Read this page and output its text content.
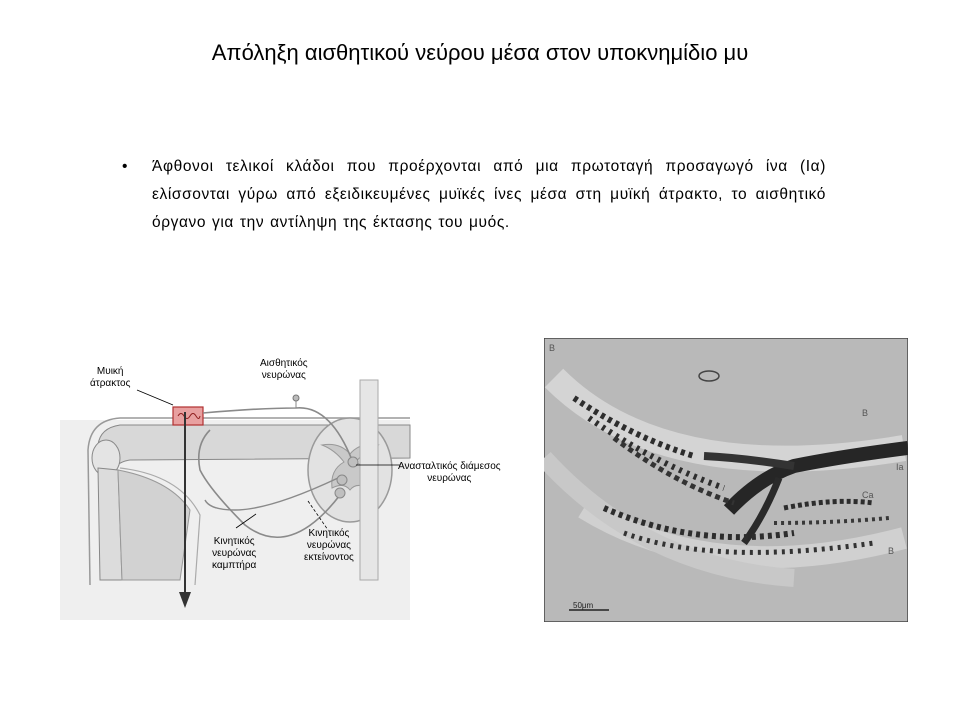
Απόληξη αισθητικού νεύρου μέσα στον υποκνημίδιο μυ
• Άφθονοι τελικοί κλάδοι που προέρχονται από μια πρωτοταγή προσαγωγό ίνα (Ια) ελίσσονται γύρω από εξειδικευμένες μυϊκές ίνες μέσα στη μυϊκή άτρακτο, το αισθητικό όργανο για την αντίληψη της έκτασης του μυός.
Μυική
άτρακτος
Αισθητικός
νευρώνας
Ανασταλτικός διάμεσος
νευρώνας
Κινητικός
νευρώνας
καμπτήρα
Κινητικός
νευρώνας
εκτείνοντος
B
B
Ia
Ca
B
50μm
